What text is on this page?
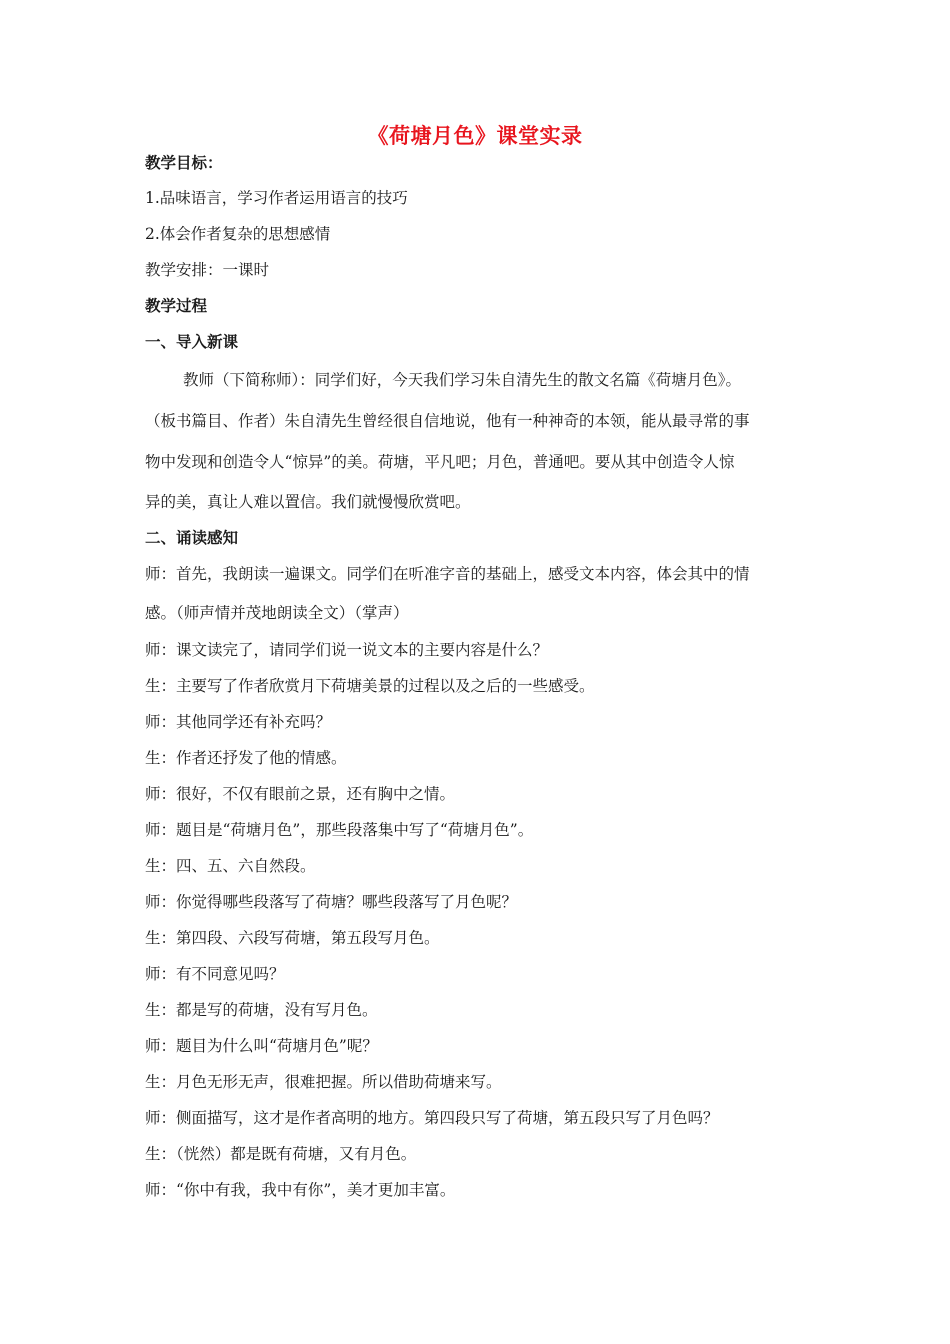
《荷塘月色》课堂实录
教学目标：
1.品味语言，学习作者运用语言的技巧
2.体会作者复杂的思想感情
教学安排：一课时
教学过程
一、导入新课
教师（下简称师）：同学们好，今天我们学习朱自清先生的散文名篇《荷塘月色》。
（板书篇目、作者）朱自清先生曾经很自信地说，他有一种神奇的本领，能从最寻常的事
物中发现和创造令人“惊异”的美。荷塘，平凡吧；月色，普通吧。要从其中创造令人惊
异的美，真让人难以置信。我们就慢慢欣赏吧。
二、诵读感知
师：首先，我朗读一遍课文。同学们在听准字音的基础上，感受文本内容，体会其中的情
感。（师声情并茂地朗读全文）（掌声）
师：课文读完了，请同学们说一说文本的主要内容是什么？
生：主要写了作者欣赏月下荷塘美景的过程以及之后的一些感受。
师：其他同学还有补充吗？
生：作者还抒发了他的情感。
师：很好，不仅有眼前之景，还有胸中之情。
师：题目是“荷塘月色”，那些段落集中写了“荷塘月色”。
生：四、五、六自然段。
师：你觉得哪些段落写了荷塘？哪些段落写了月色呢？
生：第四段、六段写荷塘，第五段写月色。
师：有不同意见吗？
生：都是写的荷塘，没有写月色。
师：题目为什么叫“荷塘月色”呢？
生：月色无形无声，很难把握。所以借助荷塘来写。
师：侧面描写，这才是作者高明的地方。第四段只写了荷塘，第五段只写了月色吗？
生：（恍然）都是既有荷塘，又有月色。
师：“你中有我，我中有你”，美才更加丰富。
